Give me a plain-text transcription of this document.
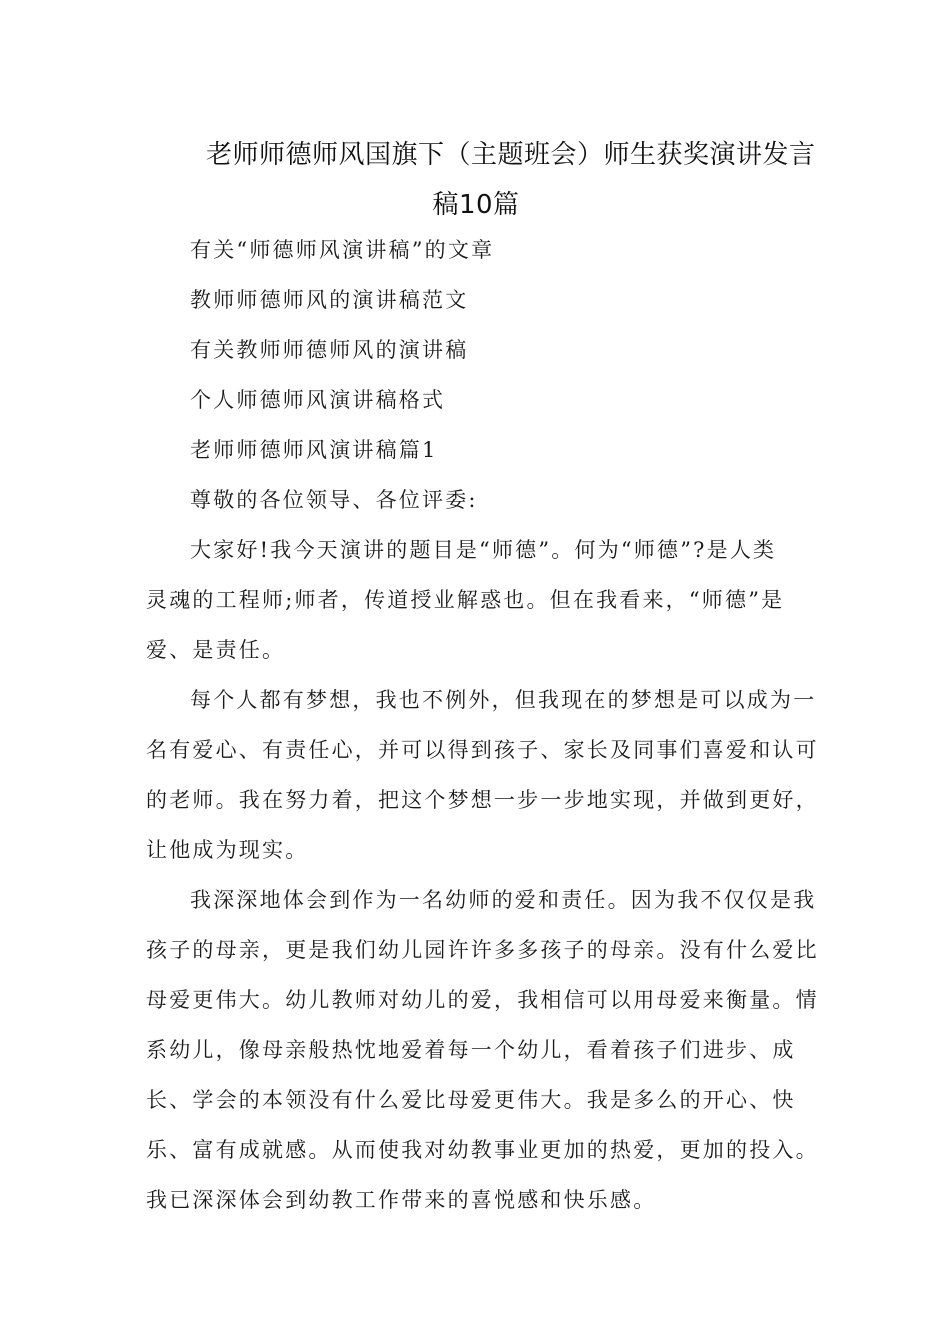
老师师德师风国旗下（主题班会）师生获奖演讲发言
稿10篇
有关“师德师风演讲稿”的文章
教师师德师风的演讲稿范文
有关教师师德师风的演讲稿
个人师德师风演讲稿格式
老师师德师风演讲稿篇1
尊敬的各位领导、各位评委:
大家好!我今天演讲的题目是“师德”。何为“师德”?是人类
灵魂的工程师;师者，传道授业解惑也。但在我看来，“师德”是
爱、是责任。
每个人都有梦想，我也不例外，但我现在的梦想是可以成为一
名有爱心、有责任心，并可以得到孩子、家长及同事们喜爱和认可
的老师。我在努力着，把这个梦想一步一步地实现，并做到更好，
让他成为现实。
我深深地体会到作为一名幼师的爱和责任。因为我不仅仅是我
孩子的母亲，更是我们幼儿园许许多多孩子的母亲。没有什么爱比
母爱更伟大。幼儿教师对幼儿的爱，我相信可以用母爱来衡量。情
系幼儿，像母亲般热忱地爱着每一个幼儿，看着孩子们进步、成
长、学会的本领没有什么爱比母爱更伟大。我是多么的开心、快
乐、富有成就感。从而使我对幼教事业更加的热爱，更加的投入。
我已深深体会到幼教工作带来的喜悦感和快乐感。
